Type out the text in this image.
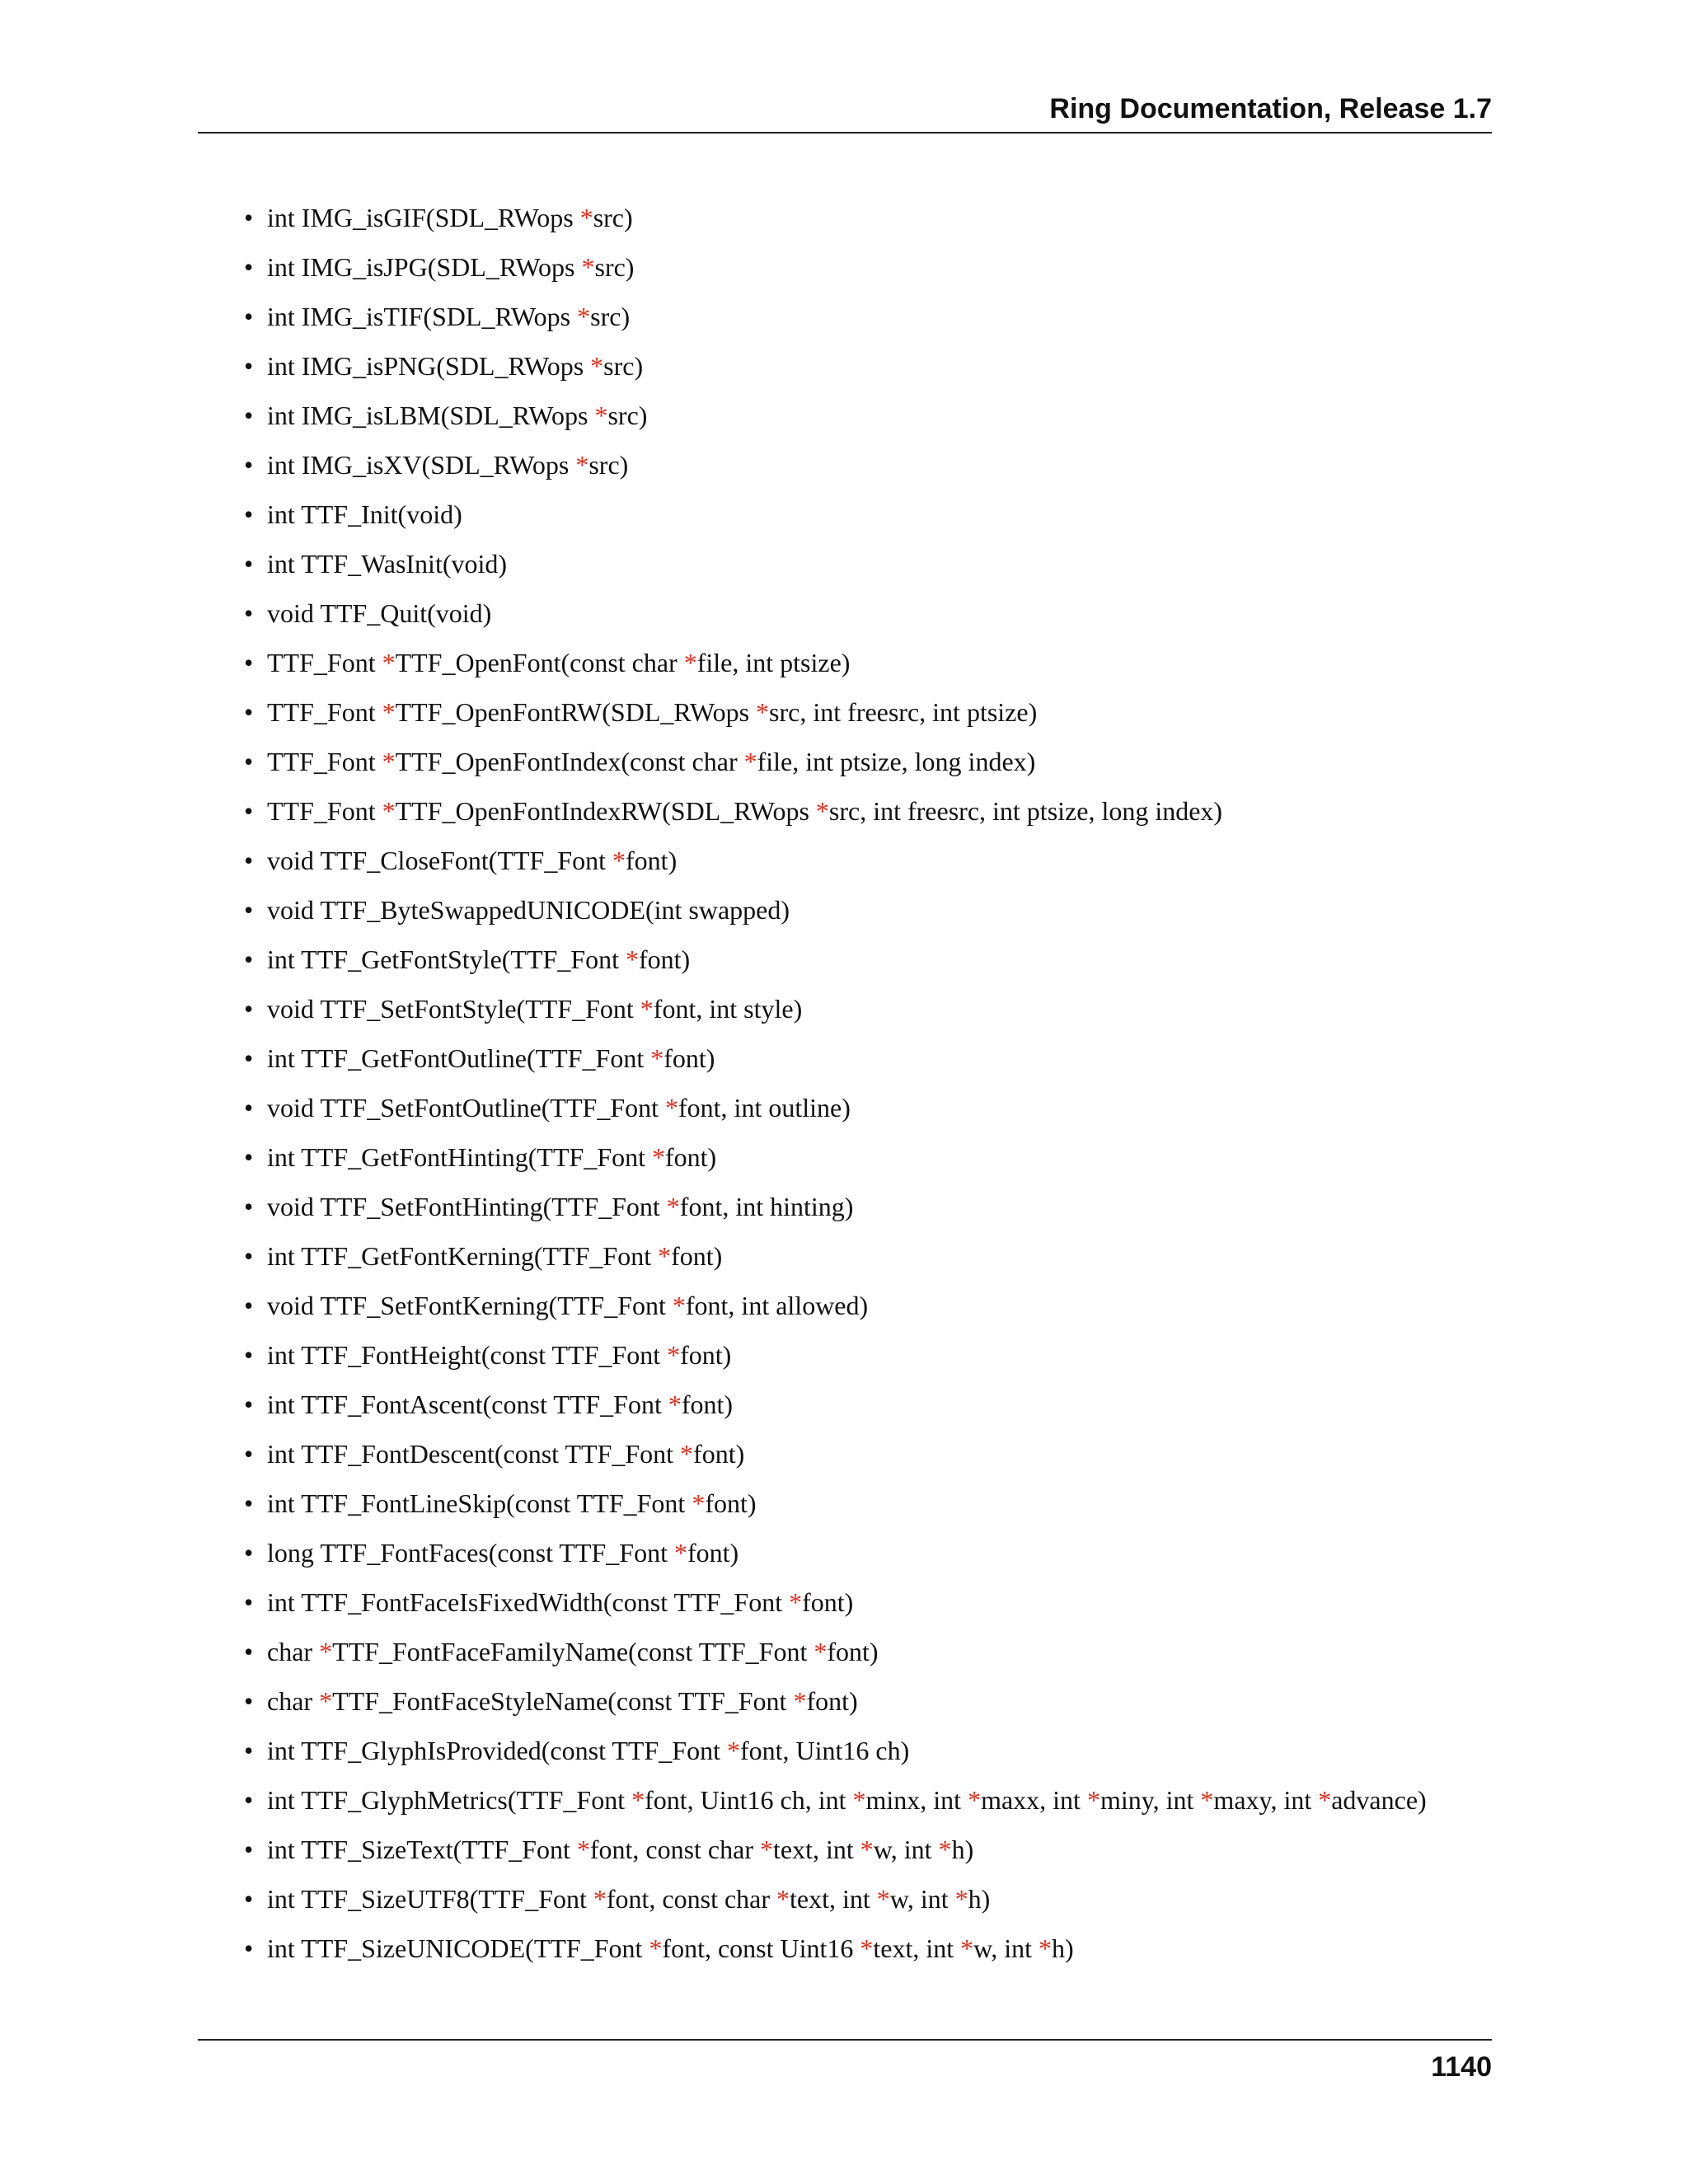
Ring Documentation, Release 1.7
• int IMG_isGIF(SDL_RWops *src)
• int IMG_isJPG(SDL_RWops *src)
• int IMG_isTIF(SDL_RWops *src)
• int IMG_isPNG(SDL_RWops *src)
• int IMG_isLBM(SDL_RWops *src)
• int IMG_isXV(SDL_RWops *src)
• int TTF_Init(void)
• int TTF_WasInit(void)
• void TTF_Quit(void)
• TTF_Font *TTF_OpenFont(const char *file, int ptsize)
• TTF_Font *TTF_OpenFontRW(SDL_RWops *src, int freesrc, int ptsize)
• TTF_Font *TTF_OpenFontIndex(const char *file, int ptsize, long index)
• TTF_Font *TTF_OpenFontIndexRW(SDL_RWops *src, int freesrc, int ptsize, long index)
• void TTF_CloseFont(TTF_Font *font)
• void TTF_ByteSwappedUNICODE(int swapped)
• int TTF_GetFontStyle(TTF_Font *font)
• void TTF_SetFontStyle(TTF_Font *font, int style)
• int TTF_GetFontOutline(TTF_Font *font)
• void TTF_SetFontOutline(TTF_Font *font, int outline)
• int TTF_GetFontHinting(TTF_Font *font)
• void TTF_SetFontHinting(TTF_Font *font, int hinting)
• int TTF_GetFontKerning(TTF_Font *font)
• void TTF_SetFontKerning(TTF_Font *font, int allowed)
• int TTF_FontHeight(const TTF_Font *font)
• int TTF_FontAscent(const TTF_Font *font)
• int TTF_FontDescent(const TTF_Font *font)
• int TTF_FontLineSkip(const TTF_Font *font)
• long TTF_FontFaces(const TTF_Font *font)
• int TTF_FontFaceIsFixedWidth(const TTF_Font *font)
• char *TTF_FontFaceFamilyName(const TTF_Font *font)
• char *TTF_FontFaceStyleName(const TTF_Font *font)
• int TTF_GlyphIsProvided(const TTF_Font *font, Uint16 ch)
• int TTF_GlyphMetrics(TTF_Font *font, Uint16 ch, int *minx, int *maxx, int *miny, int *maxy, int *advance)
• int TTF_SizeText(TTF_Font *font, const char *text, int *w, int *h)
• int TTF_SizeUTF8(TTF_Font *font, const char *text, int *w, int *h)
• int TTF_SizeUNICODE(TTF_Font *font, const Uint16 *text, int *w, int *h)
1140
